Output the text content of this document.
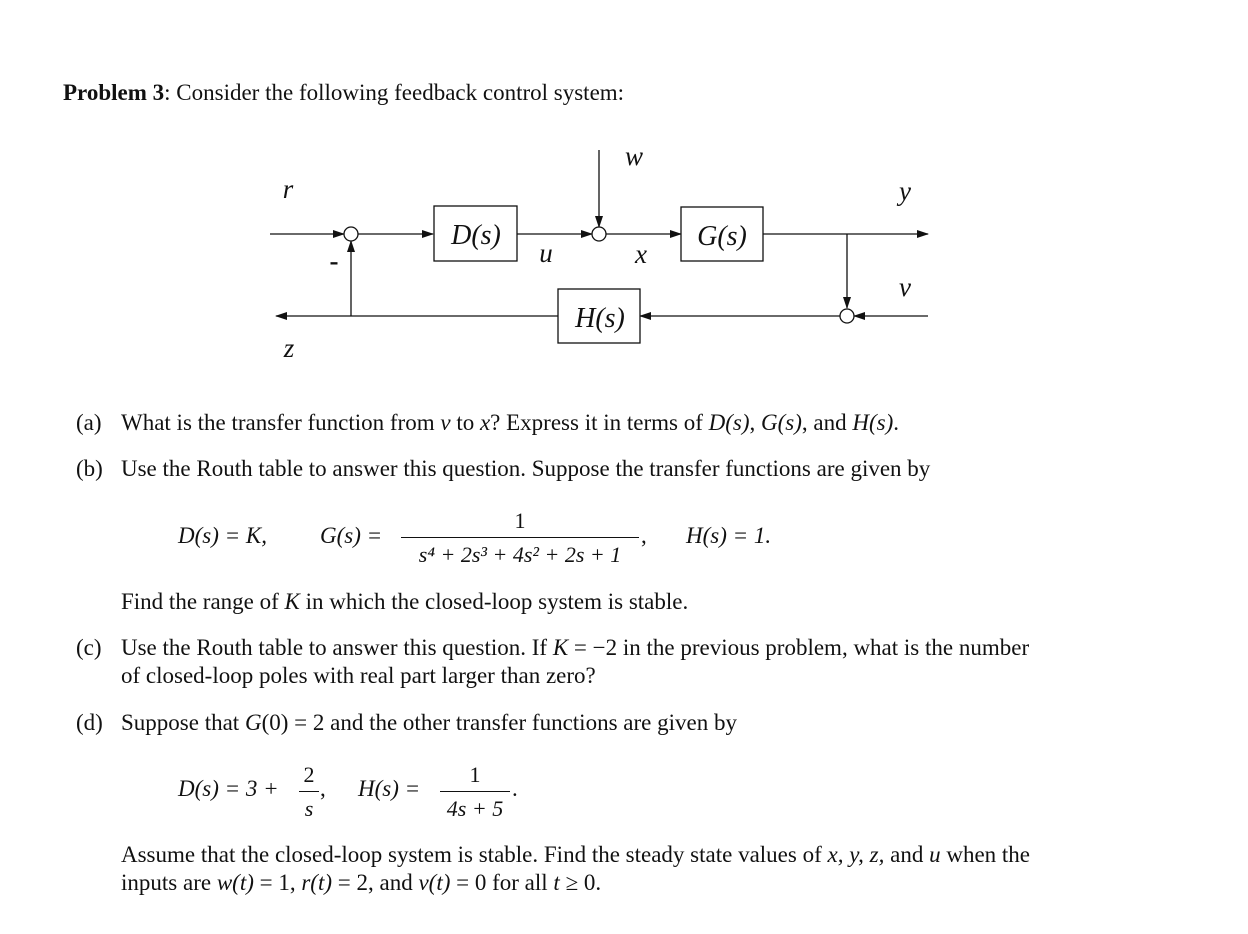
Problem 3: Consider the following feedback control system:
D(s)	G(s)
H(s)
r
w
y
u	x
v
z
-
(a) What is the transfer function from v to x? Express it in terms of D(s), G(s), and H(s).
(b) Use the Routh table to answer this question. Suppose the transfer functions are given by
D(s) = K, G(s) =
1
s⁴ + 2s³ + 4s² + 2s + 1
, H(s) = 1.
Find the range of K in which the closed-loop system is stable.
(c) Use the Routh table to answer this question. If K = −2 in the previous problem, what is the number
of closed-loop poles with real part larger than zero?
(d) Suppose that G(0) = 2 and the other transfer functions are given by
D(s) = 3 +
2
s
, H(s) =
1
4s + 5
.
Assume that the closed-loop system is stable. Find the steady state values of x, y, z, and u when the
inputs are w(t) = 1, r(t) = 2, and v(t) = 0 for all t ≥ 0.
